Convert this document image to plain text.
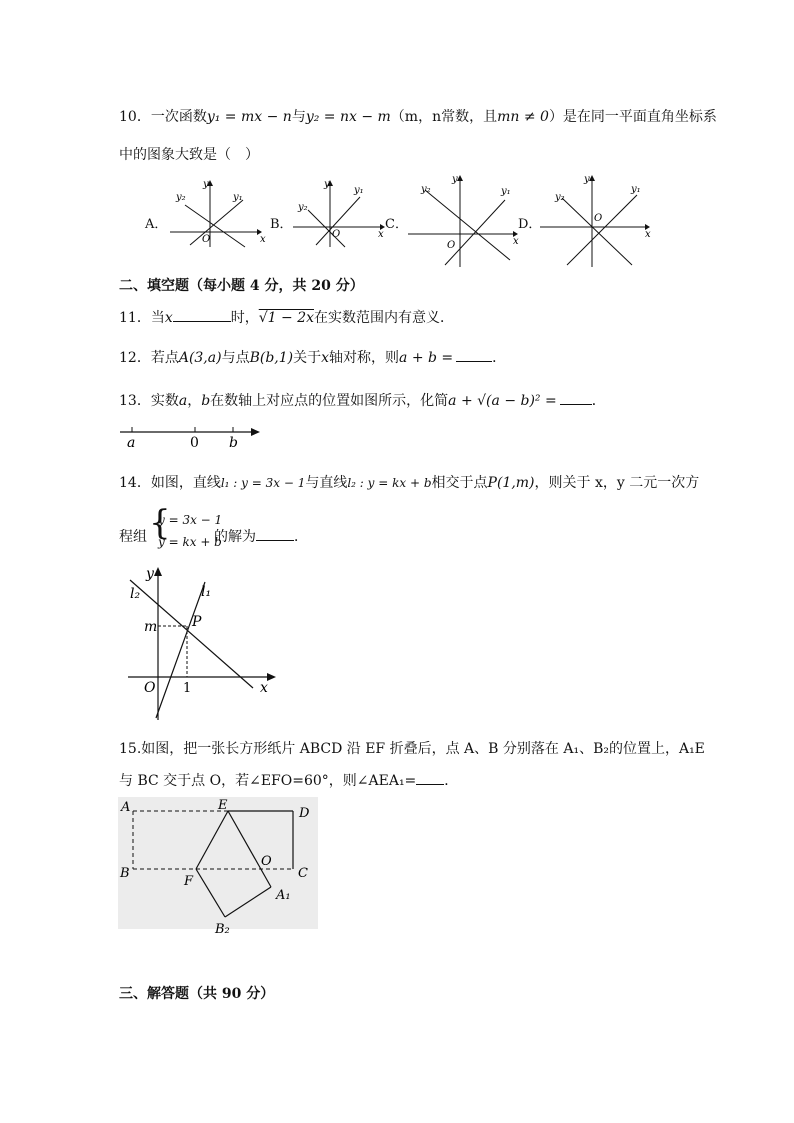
10．一次函数y₁ = mx − n与y₂ = nx − m（m，n常数，且mn ≠ 0）是在同一平面直角坐标系
中的图象大致是（　）
A．
x
y
O
y₂	y₁
B．
x
y
O
y₂
y₁
C．
x
y
O
y₂	y₁
D．
x
y
O
y₂
y₁
二、填空题（每小题 4 分，共 20 分）
11．当x	时，√1 − 2x在实数范围内有意义．
12．若点A(3,a)与点B(b,1)关于x轴对称，则a + b =	．
13．实数a，b在数轴上对应点的位置如图所示，化简a + √(a − b)² =	．
a	0 b
14．如图，直线l₁ : y = 3x − 1与直线l₂ : y = kx + b相交于点P(1,m)，则关于 x，y 二元一次方
程组 {
y = 3x − 1
y = kx + b
的解为	．
y
x
O
l₂	l₁
m P
1
15.如图，把一张长方形纸片 ABCD 沿 EF 折叠后，点 A、B 分别落在 A₁、B₂的位置上，A₁E
与 BC 交于点 O，若∠EFO=60°，则∠AEA₁= ．
A	E
D
B
F
O
C
A₁
B₂
三、解答题（共 90 分）
